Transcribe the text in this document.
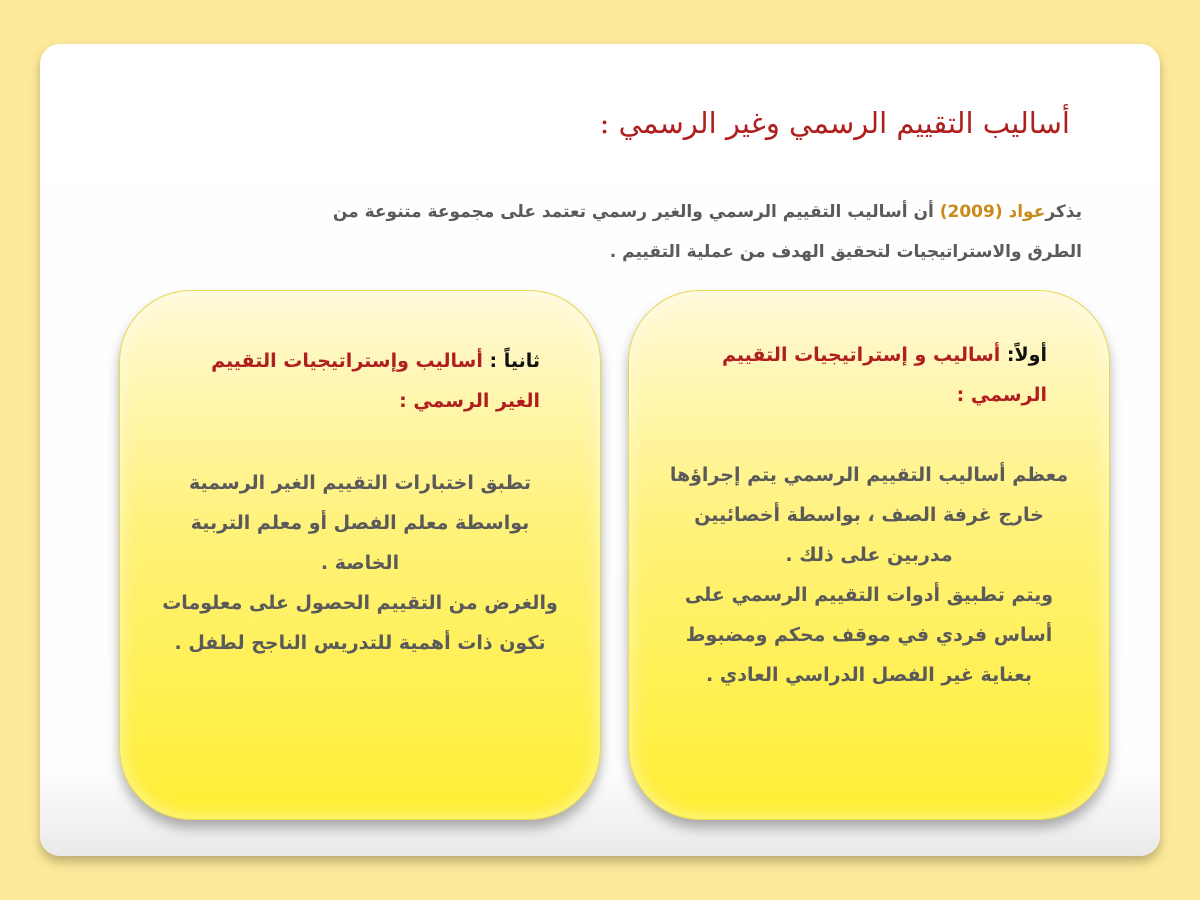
أساليب التقييم الرسمي وغير الرسمي :
يذكرعواد (2009) أن أساليب التقييم الرسمي والغير رسمي تعتمد على مجموعة متنوعة من الطرق والاستراتيجيات لتحقيق الهدف من عملية التقييم .
أولاً: أساليب و إستراتيجيات التقييم الرسمي :

معظم أساليب التقييم الرسمي يتم إجراؤها خارج غرفة الصف ، بواسطة أخصائيين مدربين على ذلك .

ويتم تطبيق أدوات التقييم الرسمي على أساس فردي في موقف محكم ومضبوط بعناية غير الفصل الدراسي العادي .

ثانياً : أساليب وإستراتيجيات التقييم الغير الرسمي :

تطبق اختبارات التقييم الغير الرسمية بواسطة معلم الفصل أو معلم التربية الخاصة .

والغرض من التقييم الحصول على معلومات تكون ذات أهمية للتدريس الناجح لطفل .
